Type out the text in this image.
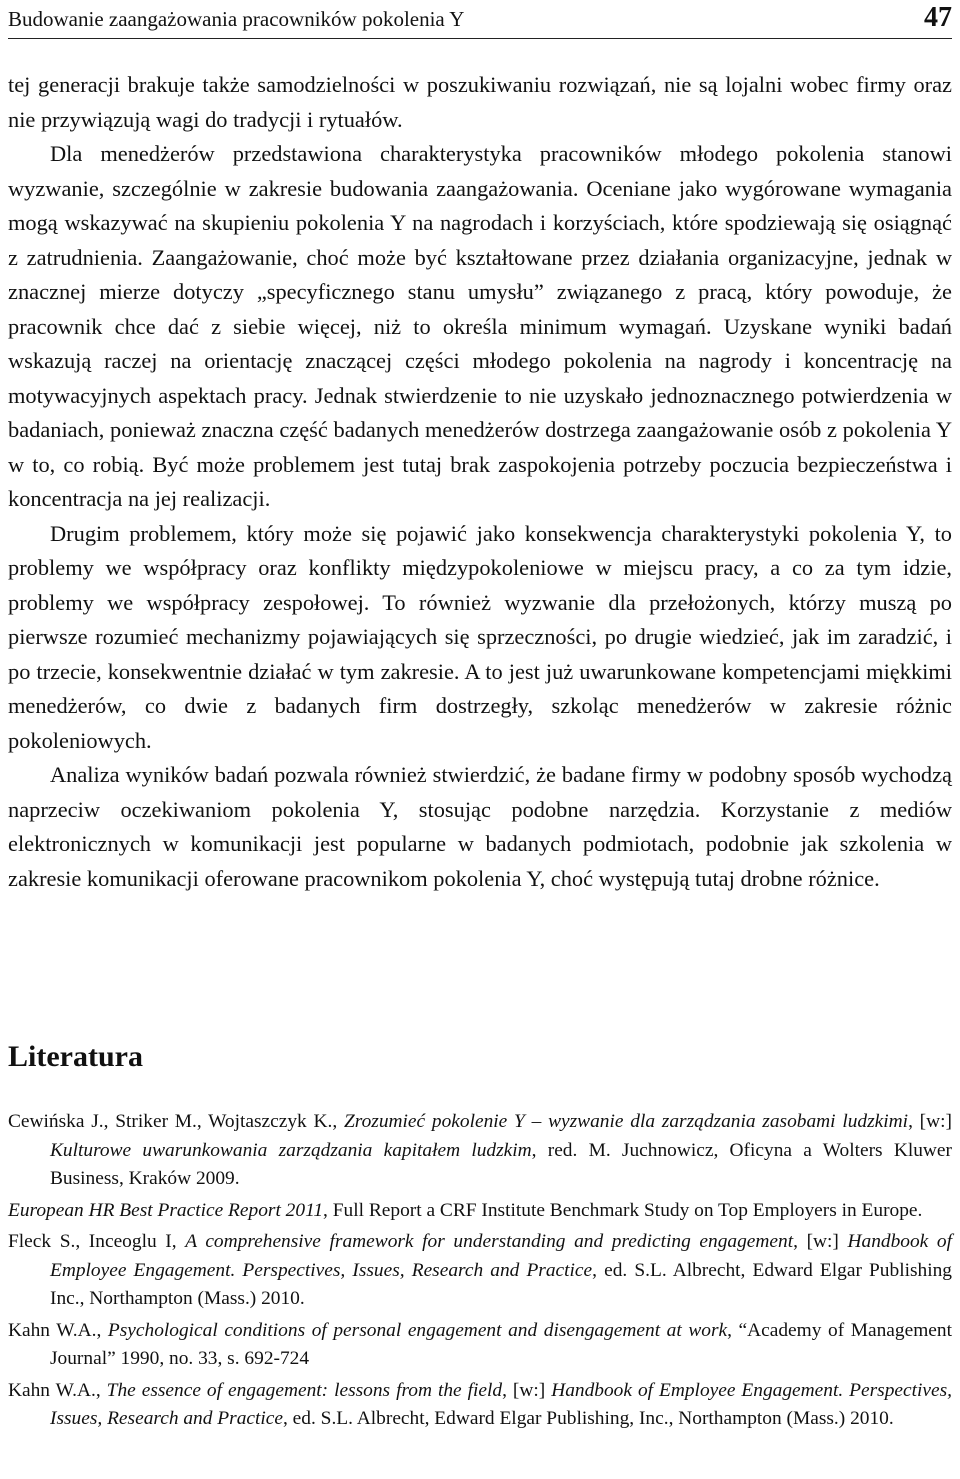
Budowanie zaangażowania pracowników pokolenia Y	47

tej generacji brakuje także samodzielności w poszukiwaniu rozwiązań, nie są lojalni wobec firmy oraz nie przywiązują wagi do tradycji i rytuałów.

Dla menedżerów przedstawiona charakterystyka pracowników młodego pokolenia stanowi wyzwanie, szczególnie w zakresie budowania zaangażowania. Oceniane jako wygórowane wymagania mogą wskazywać na skupieniu pokolenia Y na nagrodach i korzyściach, które spodziewają się osiągnąć z zatrudnienia. Zaangażowanie, choć może być kształtowane przez działania organizacyjne, jednak w znacznej mierze dotyczy „specyficznego stanu umysłu” związanego z pracą, który powoduje, że pracownik chce dać z siebie więcej, niż to określa minimum wymagań. Uzyskane wyniki badań wskazują raczej na orientację znaczącej części młodego pokolenia na nagrody i koncentrację na motywacyjnych aspektach pracy. Jednak stwierdzenie to nie uzyskało jednoznacznego potwierdzenia w badaniach, ponieważ znaczna część badanych menedżerów dostrzega zaangażowanie osób z pokolenia Y w to, co robią. Być może problemem jest tutaj brak zaspokojenia potrzeby poczucia bezpieczeństwa i koncentracja na jej realizacji.

Drugim problemem, który może się pojawić jako konsekwencja charakterystyki pokolenia Y, to problemy we współpracy oraz konflikty międzypokoleniowe w miejscu pracy, a co za tym idzie, problemy we współpracy zespołowej. To również wyzwanie dla przełożonych, którzy muszą po pierwsze rozumieć mechanizmy pojawiających się sprzeczności, po drugie wiedzieć, jak im zaradzić, i po trzecie, konsekwentnie działać w tym zakresie. A to jest już uwarunkowane kompetencjami miękkimi menedżerów, co dwie z badanych firm dostrzegły, szkoląc menedżerów w zakresie różnic pokoleniowych.

Analiza wyników badań pozwala również stwierdzić, że badane firmy w podobny sposób wychodzą naprzeciw oczekiwaniom pokolenia Y, stosując podobne narzędzia. Korzystanie z mediów elektronicznych w komunikacji jest popularne w badanych podmiotach, podobnie jak szkolenia w zakresie komunikacji oferowane pracownikom pokolenia Y, choć występują tutaj drobne różnice.

Literatura

Cewińska J., Striker M., Wojtaszczyk K., Zrozumieć pokolenie Y – wyzwanie dla zarządzania zasobami ludzkimi, [w:] Kulturowe uwarunkowania zarządzania kapitałem ludzkim, red. M. Juchnowicz, Oficyna a Wolters Kluwer Business, Kraków 2009.

European HR Best Practice Report 2011, Full Report a CRF Institute Benchmark Study on Top Employers in Europe.

Fleck S., Inceoglu I, A comprehensive framework for understanding and predicting engagement, [w:] Handbook of Employee Engagement. Perspectives, Issues, Research and Practice, ed. S.L. Albrecht, Edward Elgar Publishing Inc., Northampton (Mass.) 2010.

Kahn W.A., Psychological conditions of personal engagement and disengagement at work, “Academy of Management Journal” 1990, no. 33, s. 692-724

Kahn W.A., The essence of engagement: lessons from the field, [w:] Handbook of Employee Engagement. Perspectives, Issues, Research and Practice, ed. S.L. Albrecht, Edward Elgar Publishing, Inc., Northampton (Mass.) 2010.
